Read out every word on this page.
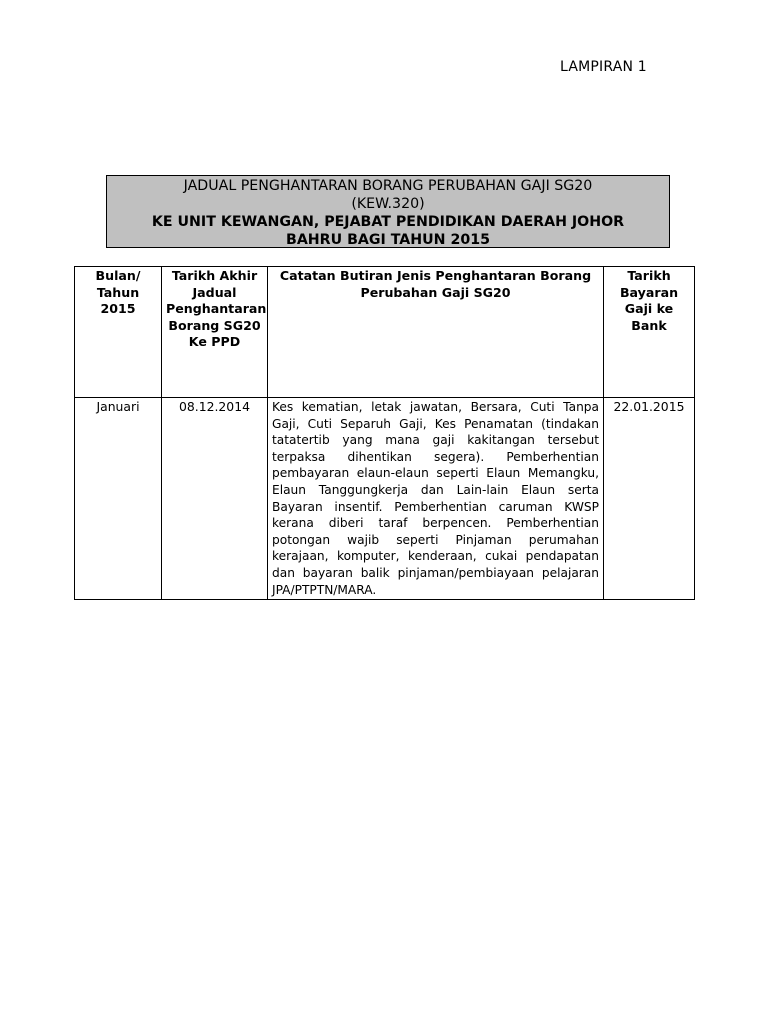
LAMPIRAN 1
JADUAL PENGHANTARAN BORANG PERUBAHAN GAJI SG20
(KEW.320)
KE UNIT KEWANGAN, PEJABAT PENDIDIKAN DAERAH JOHOR
BAHRU BAGI TAHUN 2015
Bulan/ Tahun 2015	Tarikh Akhir Jadual Penghantaran Borang SG20 Ke PPD	Catatan Butiran Jenis Penghantaran Borang Perubahan Gaji SG20	Tarikh Bayaran Gaji ke Bank
Januari	08.12.2014	Kes kematian, letak jawatan, Bersara, Cuti Tanpa Gaji, Cuti Separuh Gaji, Kes Penamatan (tindakan tatatertib yang mana gaji kakitangan tersebut terpaksa dihentikan segera). Pemberhentian pembayaran elaun-elaun seperti Elaun Memangku, Elaun Tanggungkerja dan Lain-lain Elaun serta Bayaran insentif. Pemberhentian caruman KWSP kerana diberi taraf berpencen. Pemberhentian potongan wajib seperti Pinjaman perumahan kerajaan, komputer, kenderaan, cukai pendapatan dan bayaran balik pinjaman/pembiayaan pelajaran JPA/PTPTN/MARA.	22.01.2015
